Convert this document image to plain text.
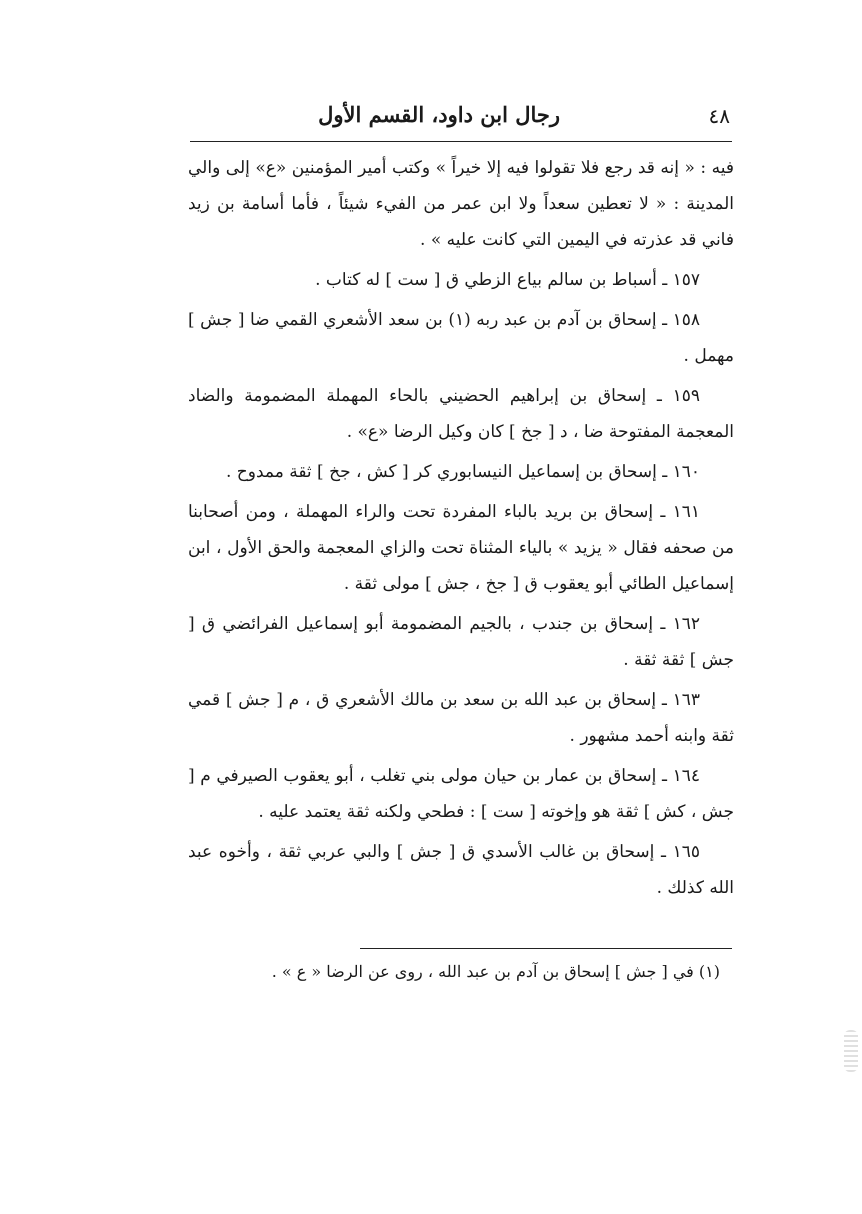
٤٨
رجال ابن داود، القسم الأول

فيه : « إنه قد رجع فلا تقولوا فيه إلا خيراً » وكتب أمير المؤمنين «ع» إلى والي المدينة : « لا تعطين سعداً ولا ابن عمر من الفيء شيئاً ، فأما أسامة بن زيد فاني قد عذرته في اليمين التي كانت عليه » .

١٥٧ ـ أسباط بن سالم بياع الزطي ق [ ست ] له كتاب .

١٥٨ ـ إسحاق بن آدم بن عبد ربه (١) بن سعد الأشعري القمي ضا [ جش ] مهمل .

١٥٩ ـ إسحاق بن إبراهيم الحضيني بالحاء المهملة المضمومة والضاد المعجمة المفتوحة ضا ، د [ جخ ] كان وكيل الرضا «ع» .

١٦٠ ـ إسحاق بن إسماعيل النيسابوري كر [ كش ، جخ ] ثقة ممدوح .

١٦١ ـ إسحاق بن بريد بالباء المفردة تحت والراء المهملة ، ومن أصحابنا من صحفه فقال « يزيد » بالياء المثناة تحت والزاي المعجمة والحق الأول ، ابن إسماعيل الطائي أبو يعقوب ق [ جخ ، جش ] مولى ثقة .

١٦٢ ـ إسحاق بن جندب ، بالجيم المضمومة أبو إسماعيل الفرائضي ق [ جش ] ثقة ثقة .

١٦٣ ـ إسحاق بن عبد الله بن سعد بن مالك الأشعري ق ، م [ جش ] قمي ثقة وابنه أحمد مشهور .

١٦٤ ـ إسحاق بن عمار بن حيان مولى بني تغلب ، أبو يعقوب الصيرفي م [ جش ، كش ] ثقة هو وإخوته [ ست ] : فطحي ولكنه ثقة يعتمد عليه .

١٦٥ ـ إسحاق بن غالب الأسدي ق [ جش ] والبي عربي ثقة ، وأخوه عبد الله كذلك .

(١) في [ جش ] إسحاق بن آدم بن عبد الله ، روى عن الرضا « ع » .
